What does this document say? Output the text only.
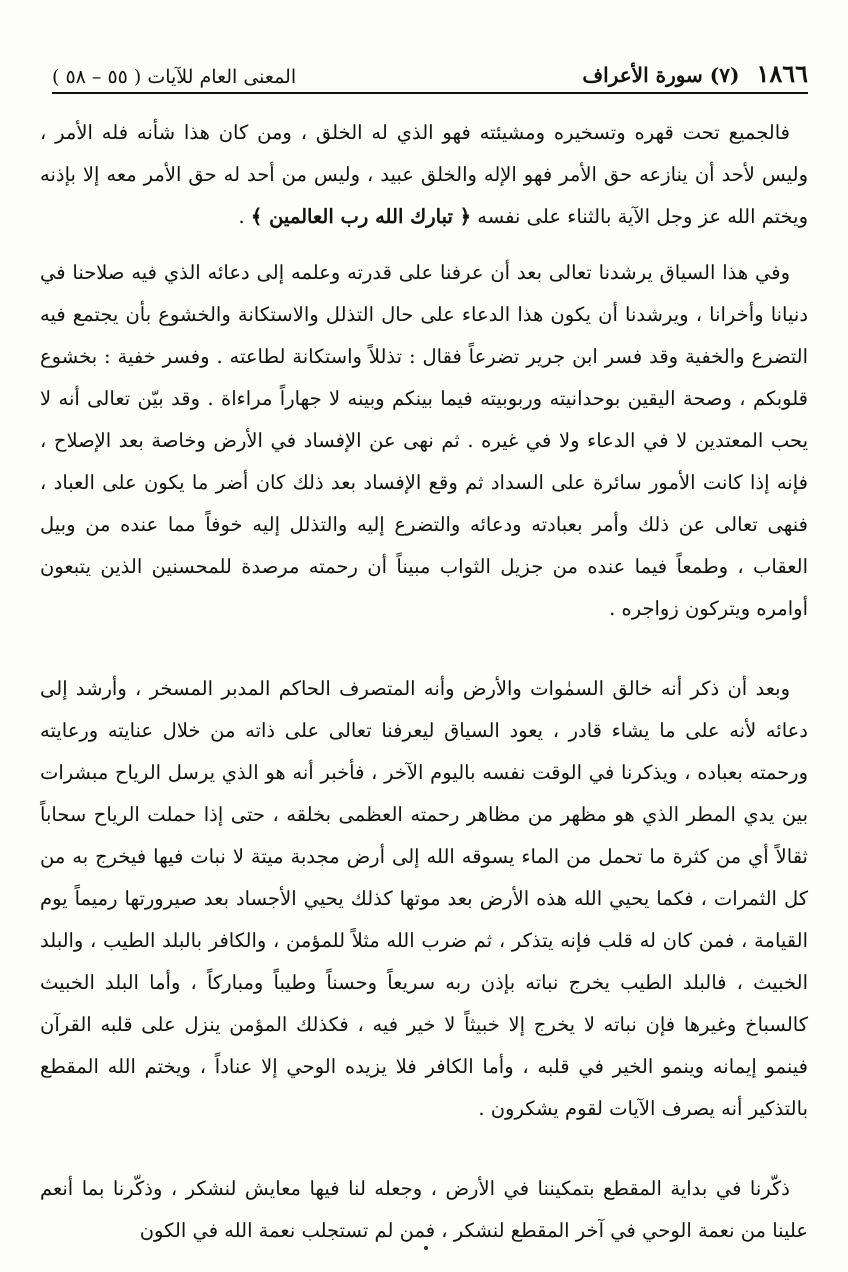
١٨٦٦ (٧) سورة الأعراف
المعنى العام للآيات ( ٥٥ – ٥٨ )

فالجميع تحت قهره وتسخيره ومشيئته فهو الذي له الخلق ، ومن كان هذا شأنه فله الأمر ، وليس لأحد أن ينازعه حق الأمر فهو الإله والخلق عبيد ، وليس من أحد له حق الأمر معه إلا بإذنه ويختم الله عز وجل الآية بالثناء على نفسه ﴿ تبارك الله رب العالمين ﴾ .

وفي هذا السياق يرشدنا تعالى بعد أن عرفنا على قدرته وعلمه إلى دعائه الذي فيه صلاحنا في دنيانا وأخرانا ، ويرشدنا أن يكون هذا الدعاء على حال التذلل والاستكانة والخشوع بأن يجتمع فيه التضرع والخفية وقد فسر ابن جرير تضرعاً فقال : تذللاً واستكانة لطاعته . وفسر خفية : بخشوع قلوبكم ، وصحة اليقين بوحدانيته وربوبيته فيما بينكم وبينه لا جهاراً مراءاة . وقد بيّن تعالى أنه لا يحب المعتدين لا في الدعاء ولا في غيره . ثم نهى عن الإفساد في الأرض وخاصة بعد الإصلاح ، فإنه إذا كانت الأمور سائرة على السداد ثم وقع الإفساد بعد ذلك كان أضر ما يكون على العباد ، فنهى تعالى عن ذلك وأمر بعبادته ودعائه والتضرع إليه والتذلل إليه خوفاً مما عنده من وبيل العقاب ، وطمعاً فيما عنده من جزيل الثواب مبيناً أن رحمته مرصدة للمحسنين الذين يتبعون أوامره ويتركون زواجره .

وبعد أن ذكر أنه خالق السمٰوات والأرض وأنه المتصرف الحاكم المدبر المسخر ، وأرشد إلى دعائه لأنه على ما يشاء قادر ، يعود السياق ليعرفنا تعالى على ذاته من خلال عنايته ورعايته ورحمته بعباده ، ويذكرنا في الوقت نفسه باليوم الآخر ، فأخبر أنه هو الذي يرسل الرياح مبشرات بين يدي المطر الذي هو مظهر من مظاهر رحمته العظمى بخلقه ، حتى إذا حملت الرياح سحاباً ثقالاً أي من كثرة ما تحمل من الماء يسوقه الله إلى أرض مجدبة ميتة لا نبات فيها فيخرج به من كل الثمرات ، فكما يحيي الله هذه الأرض بعد موتها كذلك يحيي الأجساد بعد صيرورتها رميماً يوم القيامة ، فمن كان له قلب فإنه يتذكر ، ثم ضرب الله مثلاً للمؤمن ، والكافر بالبلد الطيب ، والبلد الخبيث ، فالبلد الطيب يخرج نباته بإذن ربه سريعاً وحسناً وطيباً ومباركاً ، وأما البلد الخبيث كالسباخ وغيرها فإن نباته لا يخرج إلا خبيثاً لا خير فيه ، فكذلك المؤمن ينزل على قلبه القرآن فينمو إيمانه وينمو الخير في قلبه ، وأما الكافر فلا يزيده الوحي إلا عناداً ، ويختم الله المقطع بالتذكير أنه يصرف الآيات لقوم يشكرون .

ذكّرنا في بداية المقطع بتمكيننا في الأرض ، وجعله لنا فيها معايش لنشكر ، وذكّرنا بما أنعم علينا من نعمة الوحي في آخر المقطع لنشكر ، فمن لم تستجلب نعمة الله في الكون
